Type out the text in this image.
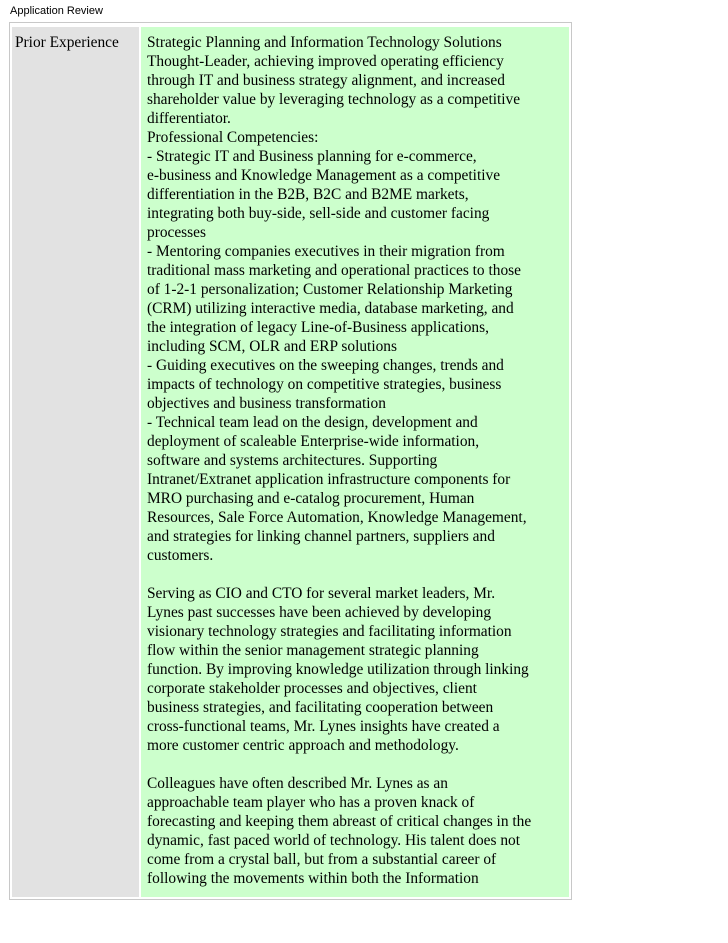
Application Review
Prior Experience Strategic Planning and Information Technology Solutions
Thought-Leader, achieving improved operating efficiency
through IT and business strategy alignment, and increased
shareholder value by leveraging technology as a competitive
differentiator.
Professional Competencies:
- Strategic IT and Business planning for e-commerce,
e-business and Knowledge Management as a competitive
differentiation in the B2B, B2C and B2ME markets,
integrating both buy-side, sell-side and customer facing
processes
- Mentoring companies executives in their migration from
traditional mass marketing and operational practices to those
of 1-2-1 personalization; Customer Relationship Marketing
(CRM) utilizing interactive media, database marketing, and
the integration of legacy Line-of-Business applications,
including SCM, OLR and ERP solutions
- Guiding executives on the sweeping changes, trends and
impacts of technology on competitive strategies, business
objectives and business transformation
- Technical team lead on the design, development and
deployment of scaleable Enterprise-wide information,
software and systems architectures. Supporting
Intranet/Extranet application infrastructure components for
MRO purchasing and e-catalog procurement, Human
Resources, Sale Force Automation, Knowledge Management,
and strategies for linking channel partners, suppliers and
customers.
Serving as CIO and CTO for several market leaders, Mr.
Lynes past successes have been achieved by developing
visionary technology strategies and facilitating information
flow within the senior management strategic planning
function. By improving knowledge utilization through linking
corporate stakeholder processes and objectives, client
business strategies, and facilitating cooperation between
cross-functional teams, Mr. Lynes insights have created a
more customer centric approach and methodology.
Colleagues have often described Mr. Lynes as an
approachable team player who has a proven knack of
forecasting and keeping them abreast of critical changes in the
dynamic, fast paced world of technology. His talent does not
come from a crystal ball, but from a substantial career of
following the movements within both the Information
